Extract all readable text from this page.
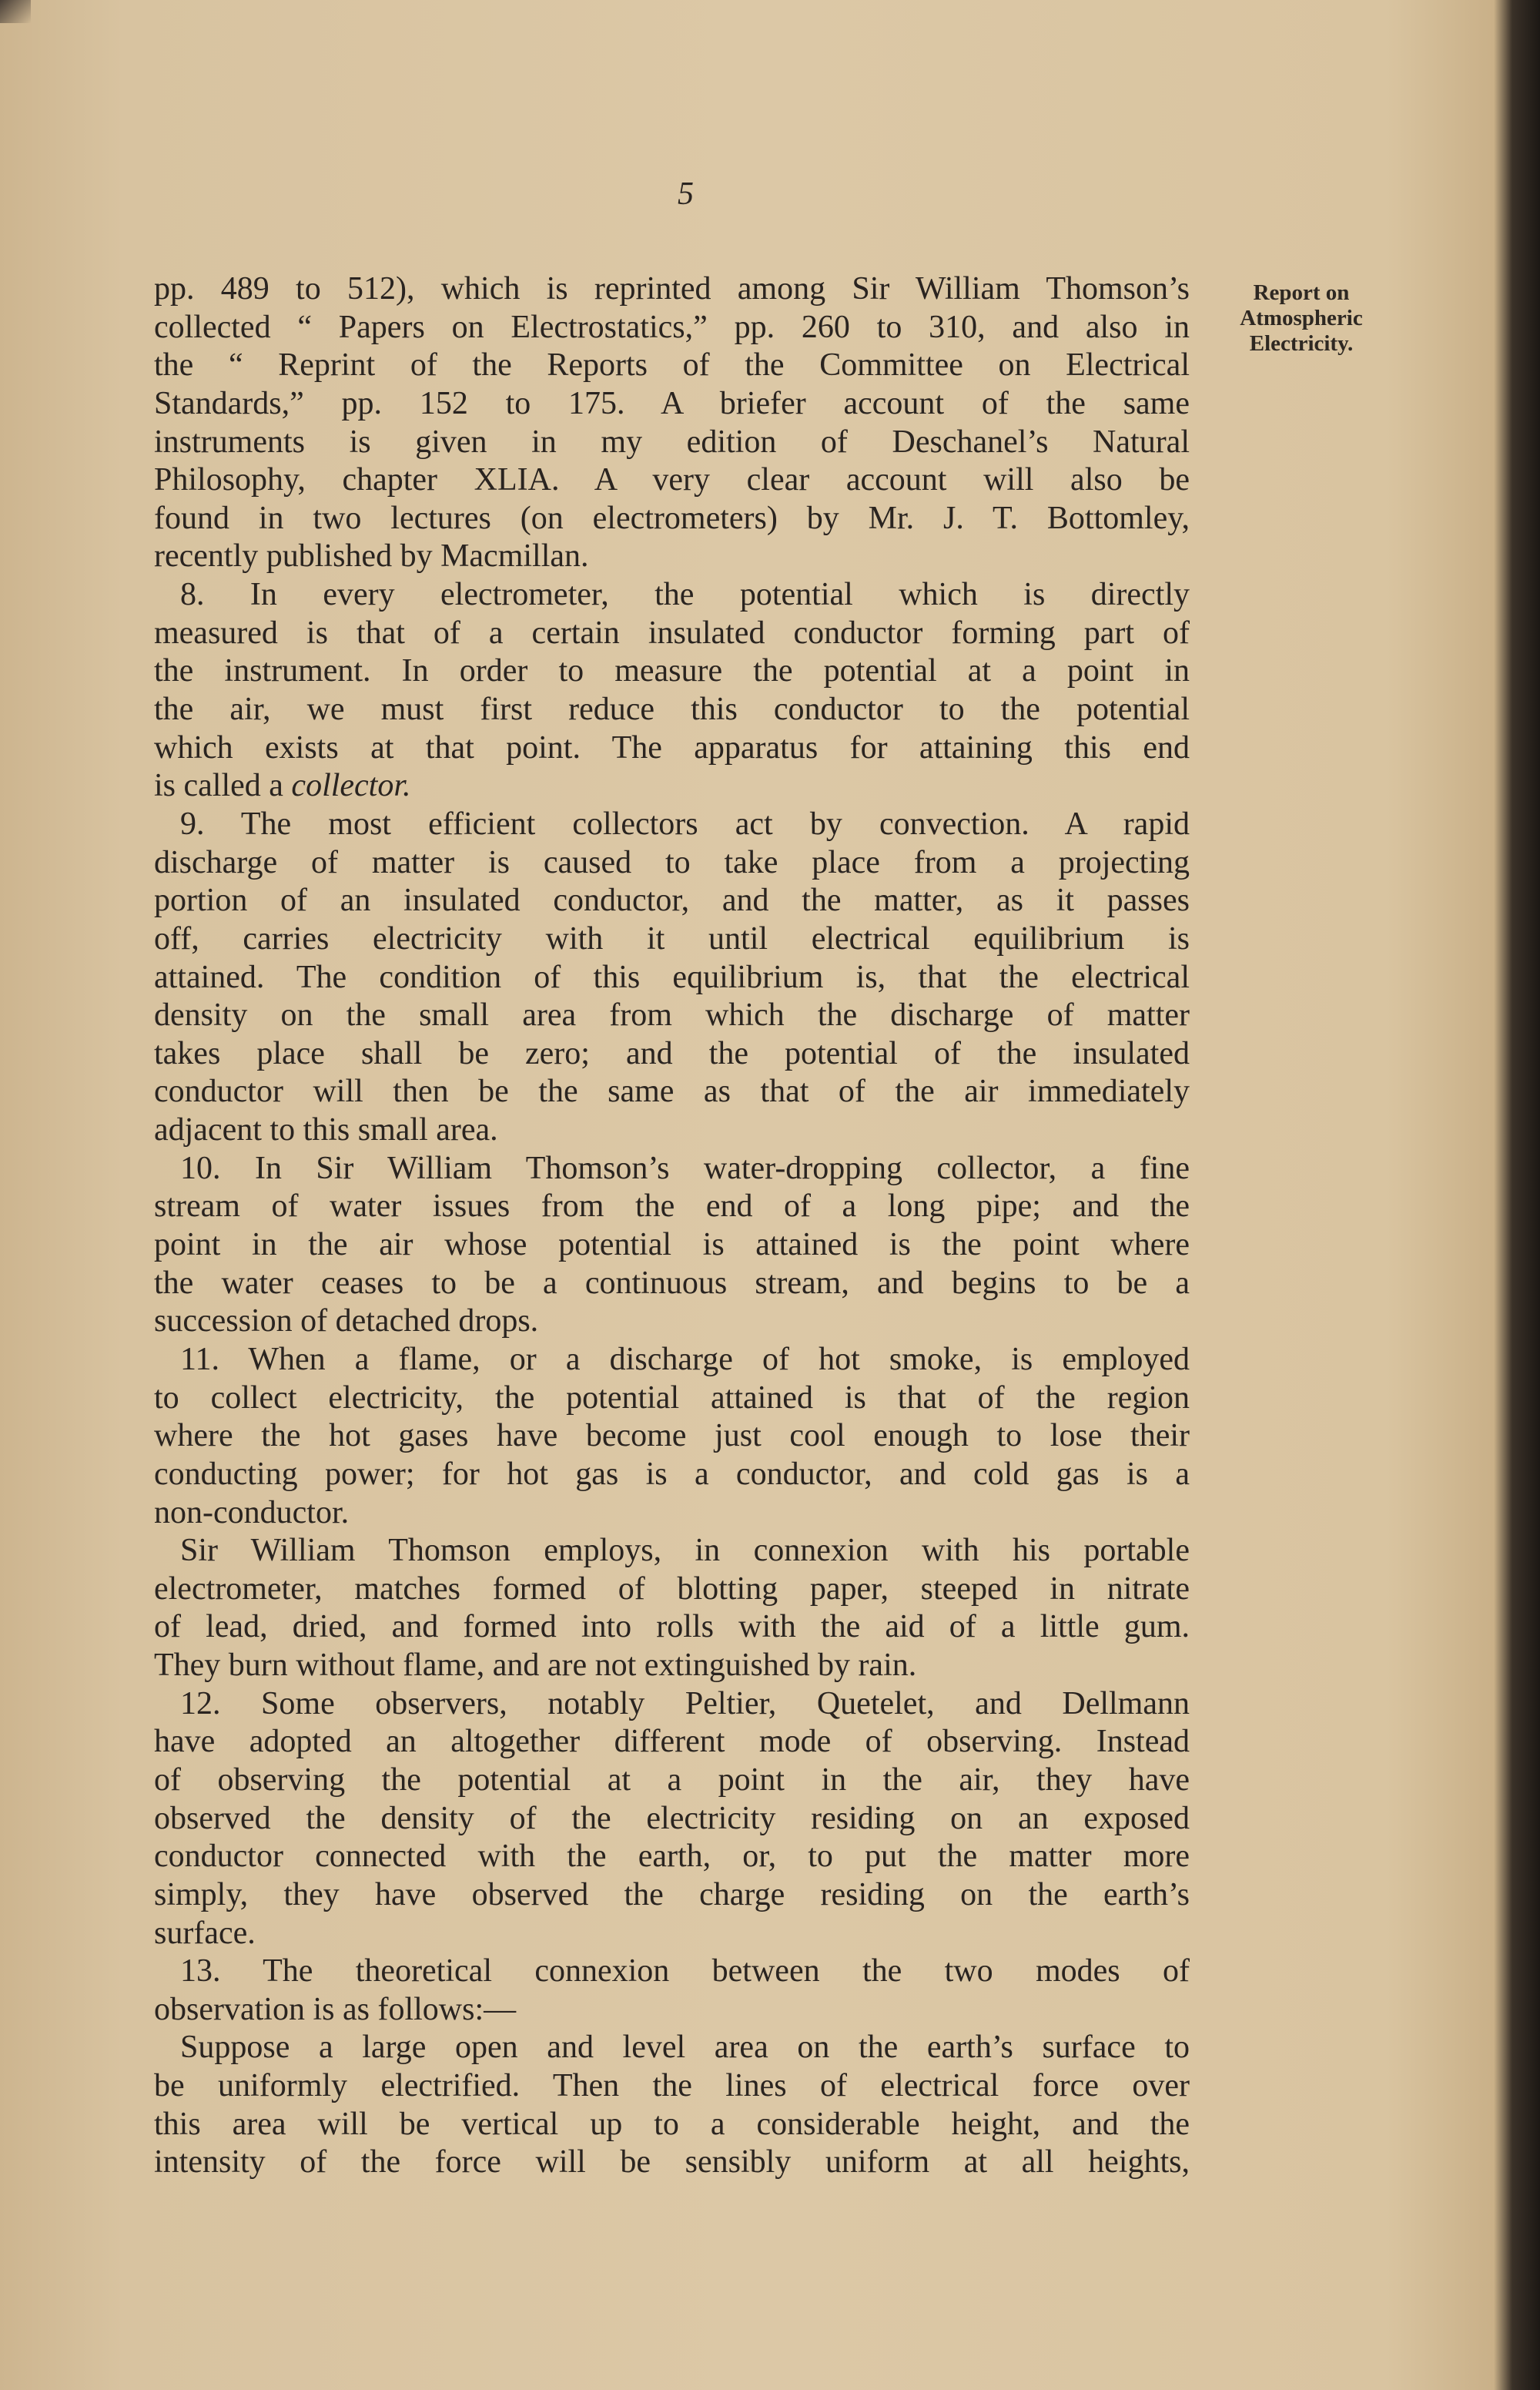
5
Report on
Atmospheric
Electricity.
pp. 489 to 512), which is reprinted among Sir William Thomson’s
collected “ Papers on Electrostatics,” pp. 260 to 310, and also in
the “ Reprint of the Reports of the Committee on Electrical
Standards,” pp. 152 to 175. A briefer account of the same
instruments is given in my edition of Deschanel’s Natural
Philosophy, chapter XLIA. A very clear account will also be
found in two lectures (on electrometers) by Mr. J. T. Bottomley,
recently published by Macmillan.
8. In every electrometer, the potential which is directly
measured is that of a certain insulated conductor forming part of
the instrument. In order to measure the potential at a point in
the air, we must first reduce this conductor to the potential
which exists at that point. The apparatus for attaining this end
is called a collector.
9. The most efficient collectors act by convection. A rapid
discharge of matter is caused to take place from a projecting
portion of an insulated conductor, and the matter, as it passes
off, carries electricity with it until electrical equilibrium is
attained. The condition of this equilibrium is, that the electrical
density on the small area from which the discharge of matter
takes place shall be zero; and the potential of the insulated
conductor will then be the same as that of the air immediately
adjacent to this small area.
10. In Sir William Thomson’s water-dropping collector, a fine
stream of water issues from the end of a long pipe; and the
point in the air whose potential is attained is the point where
the water ceases to be a continuous stream, and begins to be a
succession of detached drops.
11. When a flame, or a discharge of hot smoke, is employed
to collect electricity, the potential attained is that of the region
where the hot gases have become just cool enough to lose their
conducting power; for hot gas is a conductor, and cold gas is a
non-conductor.
Sir William Thomson employs, in connexion with his portable
electrometer, matches formed of blotting paper, steeped in nitrate
of lead, dried, and formed into rolls with the aid of a little gum.
They burn without flame, and are not extinguished by rain.
12. Some observers, notably Peltier, Quetelet, and Dellmann
have adopted an altogether different mode of observing. Instead
of observing the potential at a point in the air, they have
observed the density of the electricity residing on an exposed
conductor connected with the earth, or, to put the matter more
simply, they have observed the charge residing on the earth’s
surface.
13. The theoretical connexion between the two modes of
observation is as follows:—
Suppose a large open and level area on the earth’s surface to
be uniformly electrified. Then the lines of electrical force over
this area will be vertical up to a considerable height, and the
intensity of the force will be sensibly uniform at all heights,
